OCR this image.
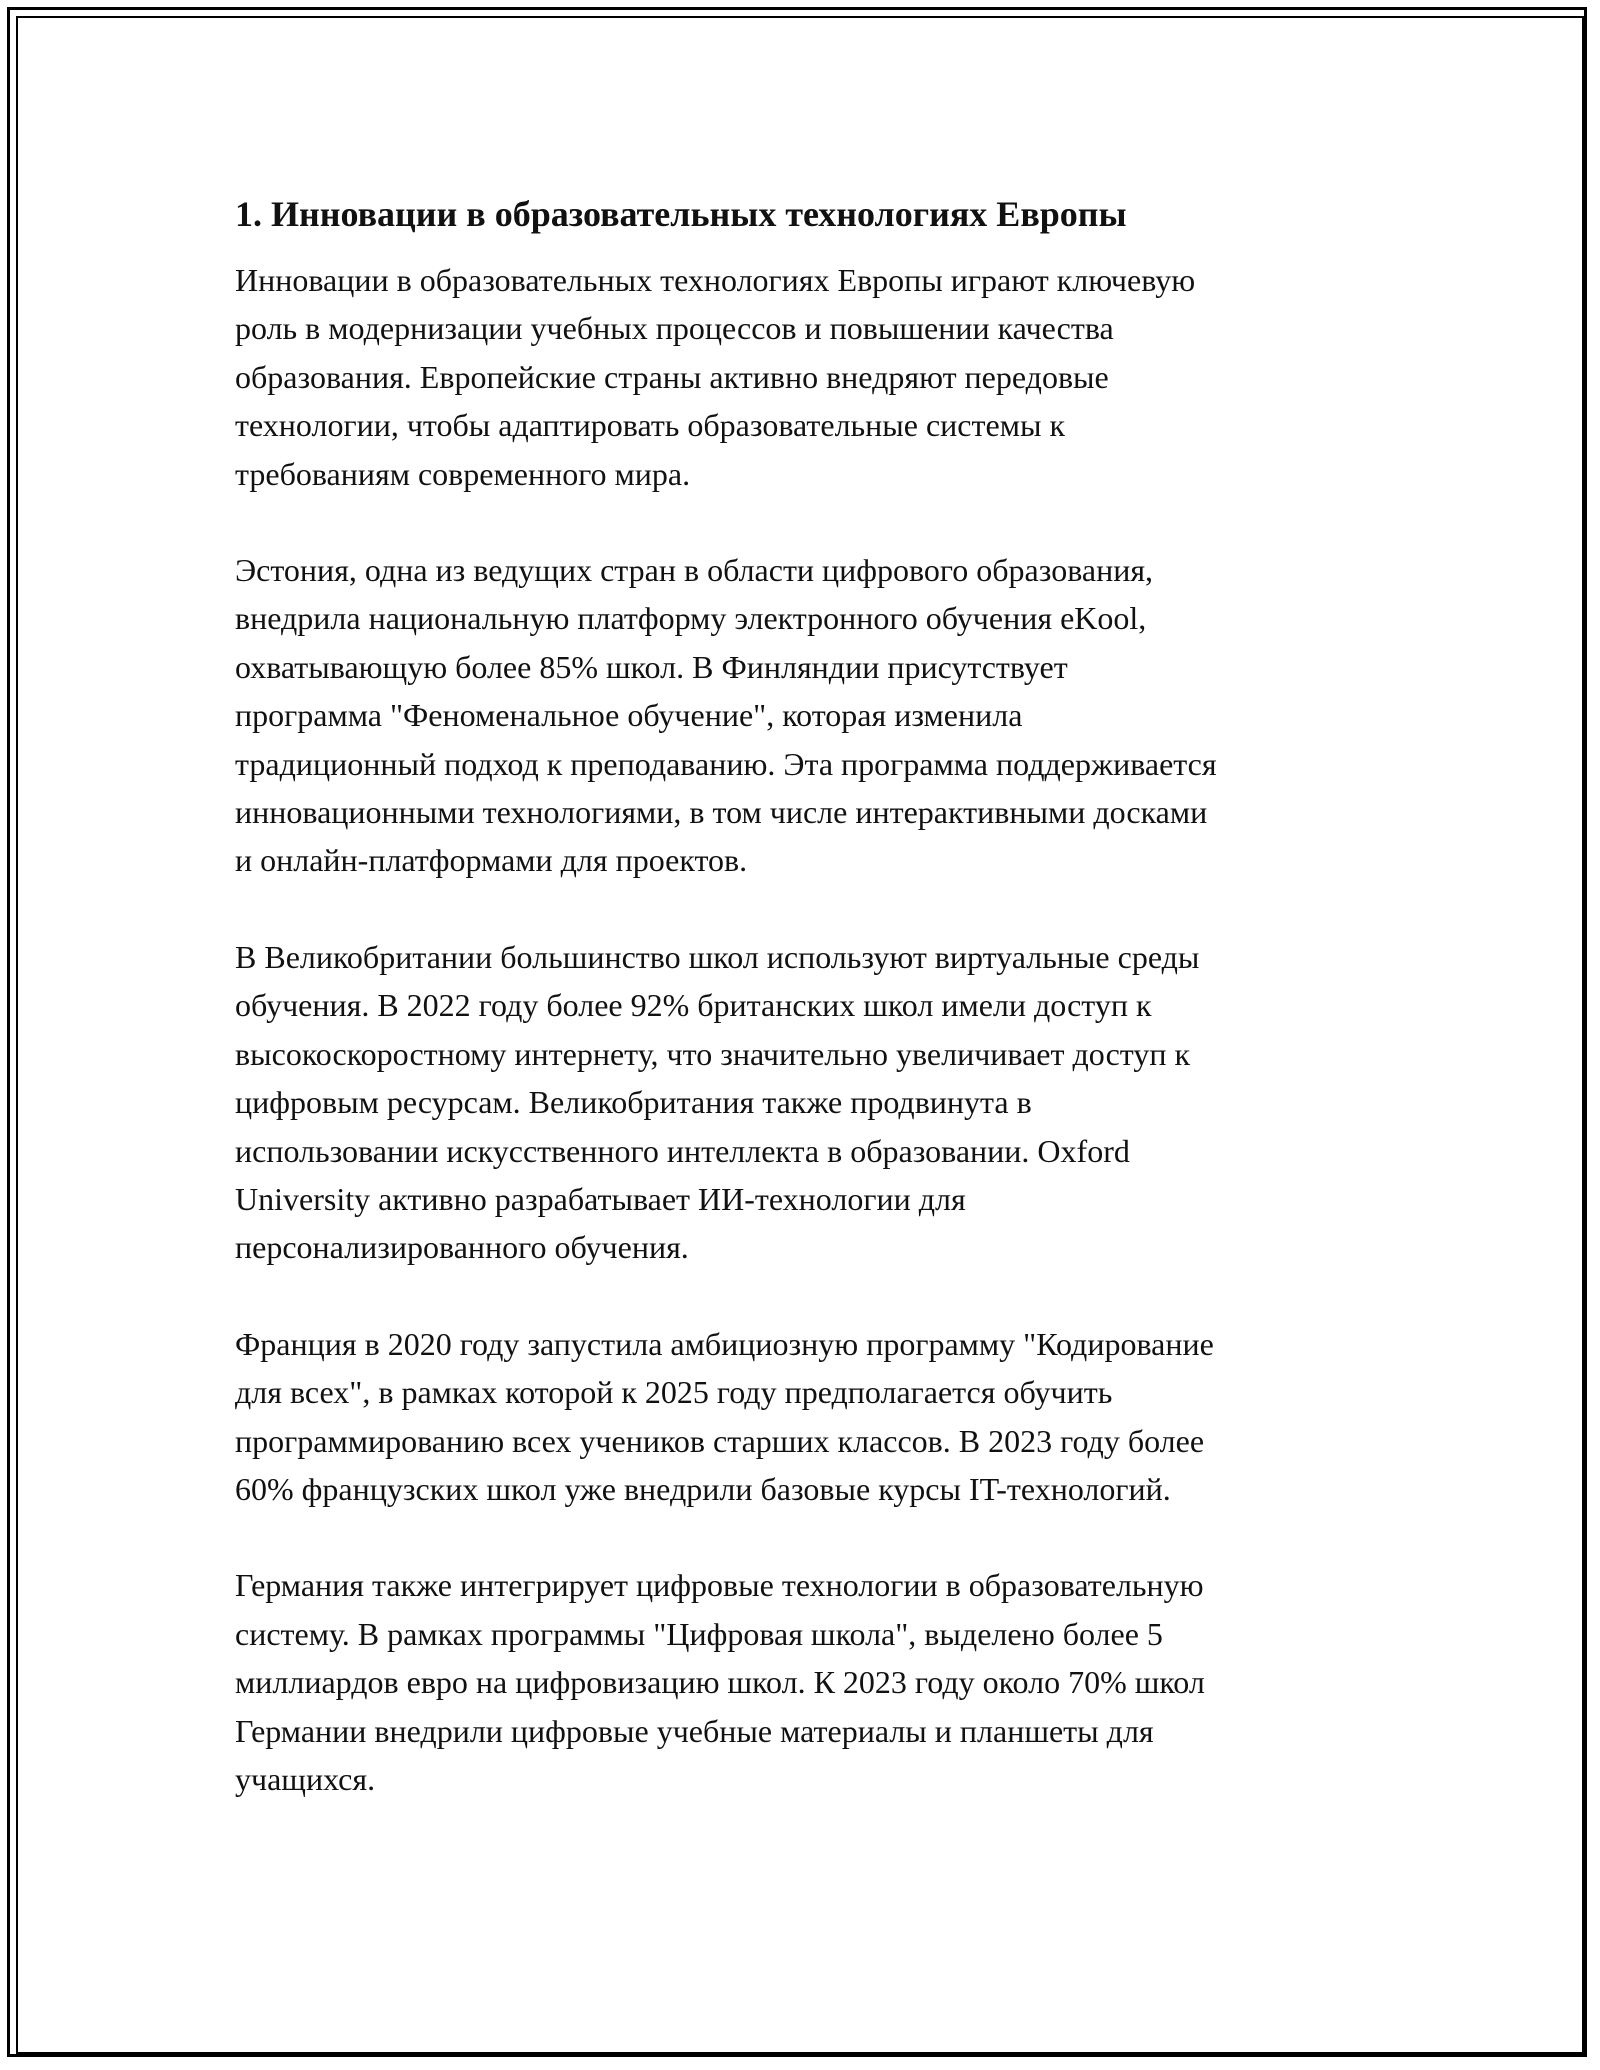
1. Инновации в образовательных технологиях Европы

Инновации в образовательных технологиях Европы играют ключевую
роль в модернизации учебных процессов и повышении качества
образования. Европейские страны активно внедряют передовые
технологии, чтобы адаптировать образовательные системы к
требованиям современного мира.

Эстония, одна из ведущих стран в области цифрового образования,
внедрила национальную платформу электронного обучения eKool,
охватывающую более 85% школ. В Финляндии присутствует
программа "Феноменальное обучение", которая изменила
традиционный подход к преподаванию. Эта программа поддерживается
инновационными технологиями, в том числе интерактивными досками
и онлайн-платформами для проектов.

В Великобритании большинство школ используют виртуальные среды
обучения. В 2022 году более 92% британских школ имели доступ к
высокоскоростному интернету, что значительно увеличивает доступ к
цифровым ресурсам. Великобритания также продвинута в
использовании искусственного интеллекта в образовании. Oxford
University активно разрабатывает ИИ-технологии для
персонализированного обучения.

Франция в 2020 году запустила амбициозную программу "Кодирование
для всех", в рамках которой к 2025 году предполагается обучить
программированию всех учеников старших классов. В 2023 году более
60% французских школ уже внедрили базовые курсы IT-технологий.

Германия также интегрирует цифровые технологии в образовательную
систему. В рамках программы "Цифровая школа", выделено более 5
миллиардов евро на цифровизацию школ. К 2023 году около 70% школ
Германии внедрили цифровые учебные материалы и планшеты для
учащихся.
